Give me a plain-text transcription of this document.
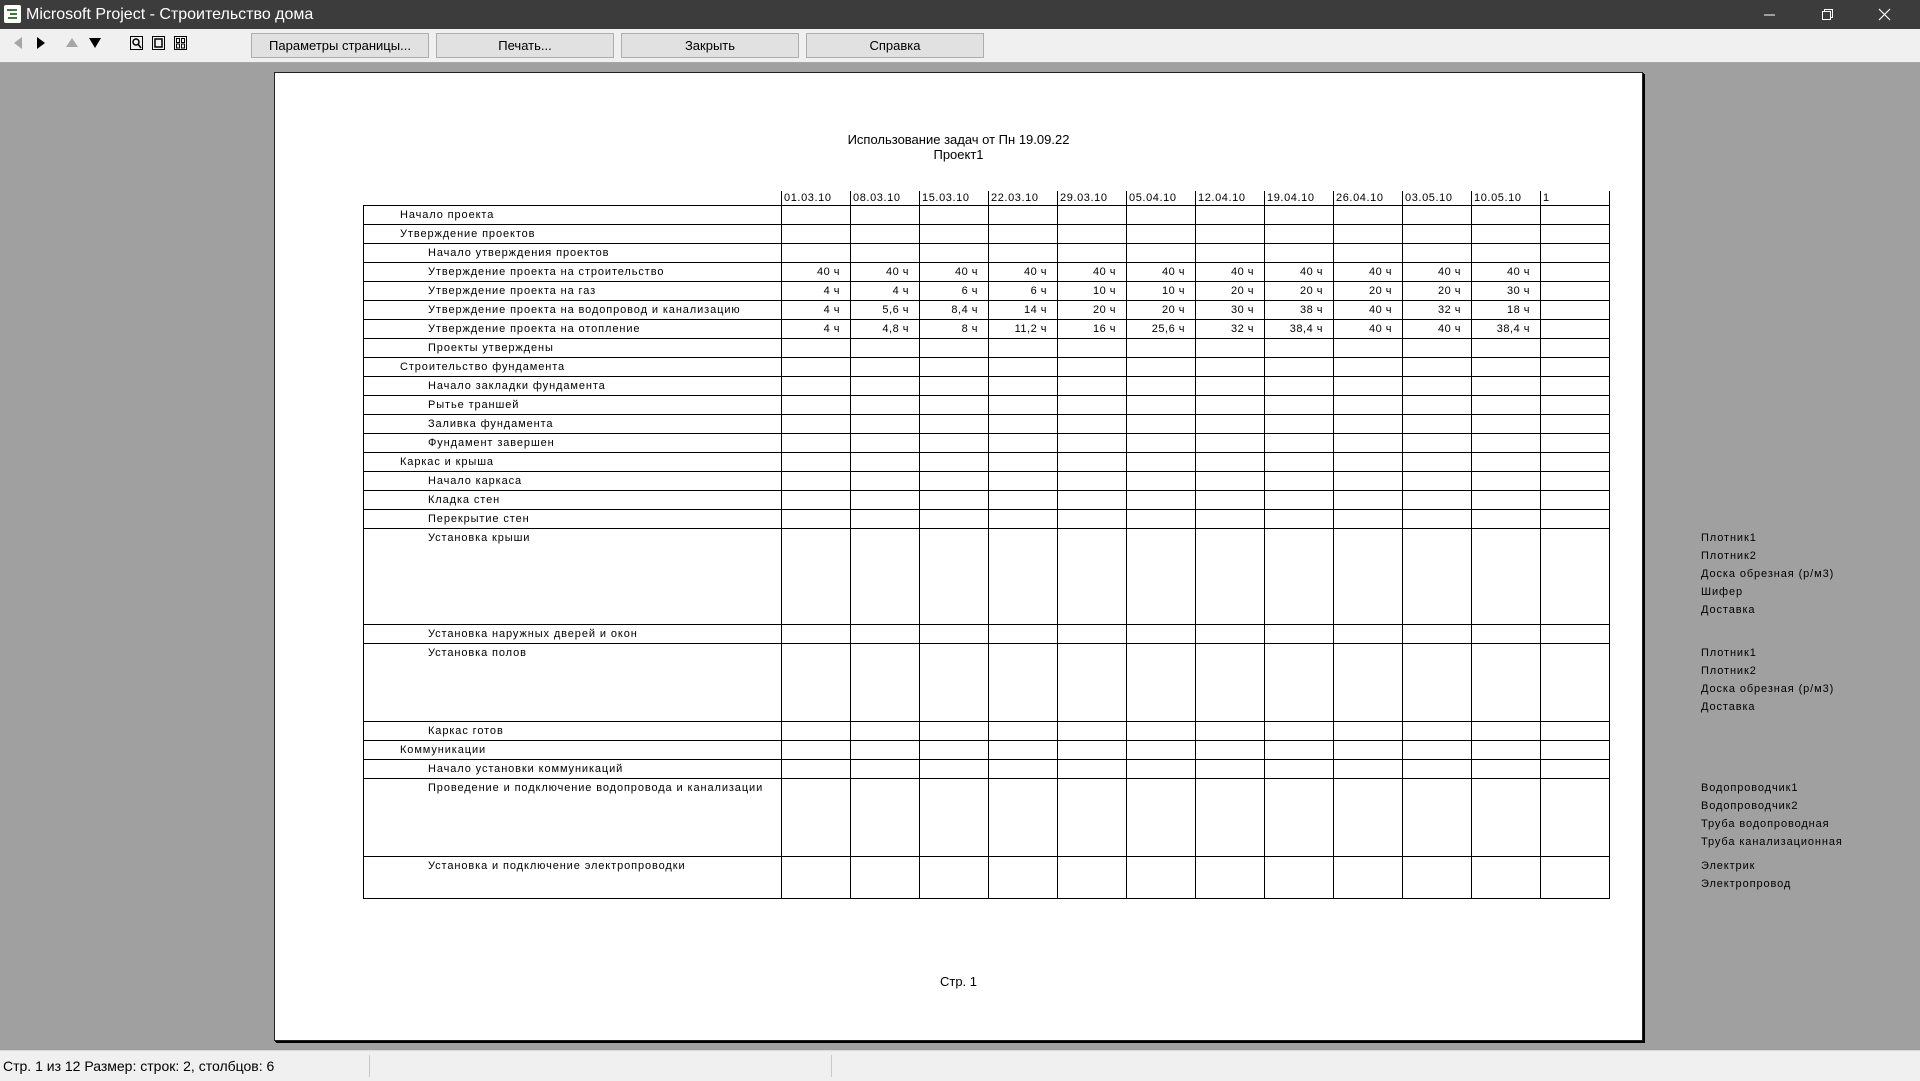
Microsoft Project - Строительство дома
Параметры страницы...	Печать...	Закрыть	Справка
Использование задач от Пн 19.09.22
Проект1
	01.03.10	08.03.10	15.03.10	22.03.10	29.03.10	05.04.10	12.04.10	19.04.10	26.04.10	03.05.10	10.05.10	1	
Начало проекта													
Утверждение проектов													
Начало утверждения проектов													
Утверждение проекта на строительство	40 ч	40 ч	40 ч	40 ч	40 ч	40 ч	40 ч	40 ч	40 ч	40 ч	40 ч		
Утверждение проекта на газ	4 ч	4 ч	6 ч	6 ч	10 ч	10 ч	20 ч	20 ч	20 ч	20 ч	30 ч		
Утверждение проекта на водопровод и канализацию	4 ч	5,6 ч	8,4 ч	14 ч	20 ч	20 ч	30 ч	38 ч	40 ч	32 ч	18 ч		
Утверждение проекта на отопление	4 ч	4,8 ч	8 ч	11,2 ч	16 ч	25,6 ч	32 ч	38,4 ч	40 ч	40 ч	38,4 ч		
Проекты утверждены													
Строительство фундамента													
Начало закладки фундамента													
Рытье траншей													
Заливка фундамента													
Фундамент завершен													
Каркас и крыша													
Начало каркаса													
Кладка стен													
Перекрытие стен													
Установка крыши													

Установка наружных дверей и окон													
Установка полов													

Каркас готов													
Коммуникации													
Начало установки коммуникаций													
Проведение и подключение водопровода и канализации													

Установка и подключение электропроводки													

Стр. 1
Стр. 1 из 12 Размер: строк: 2, столбцов: 6
